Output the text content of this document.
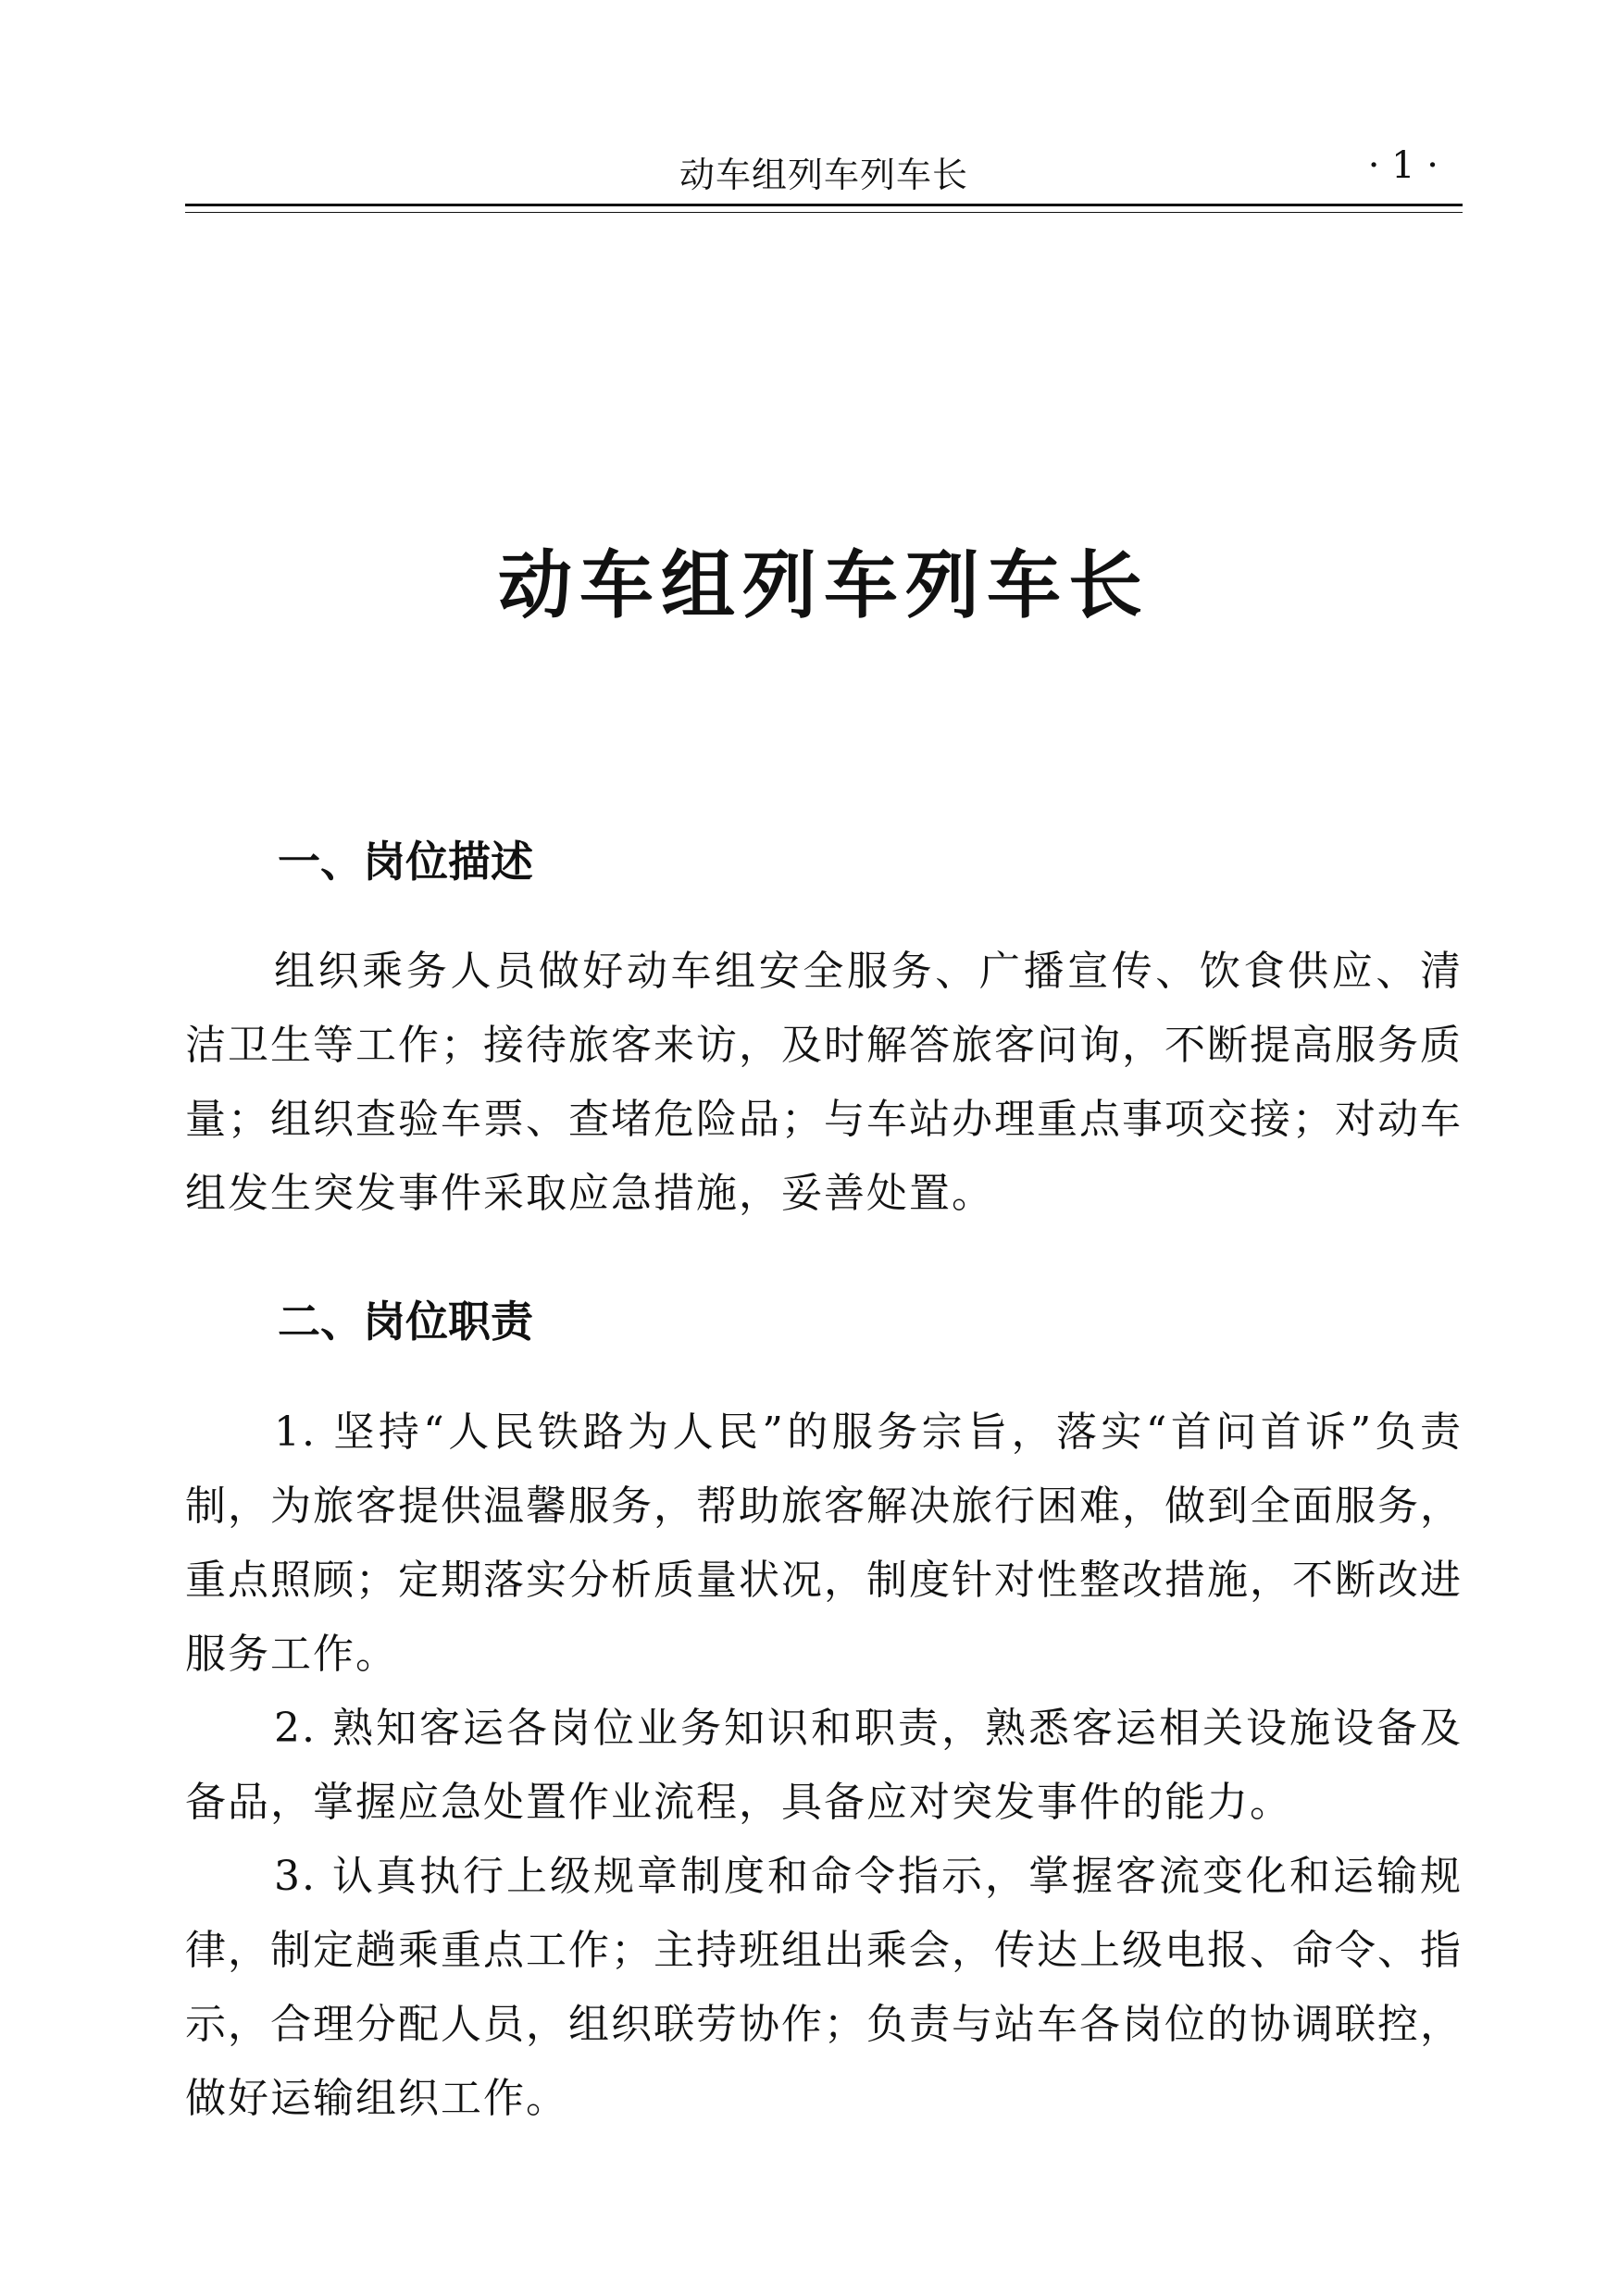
动车组列车列车长	· 1 ·
动车组列车列车长
一、岗位描述

组织乘务人员做好动车组安全服务、广播宣传、饮食供应、清洁卫生等工作；接待旅客来访，及时解答旅客问询，不断提高服务质量；组织查验车票、查堵危险品；与车站办理重点事项交接；对动车组发生突发事件采取应急措施，妥善处置。

二、岗位职责

1. 坚持“人民铁路为人民”的服务宗旨，落实“首问首诉”负责制，为旅客提供温馨服务，帮助旅客解决旅行困难，做到全面服务，重点照顾；定期落实分析质量状况，制度针对性整改措施，不断改进服务工作。

2. 熟知客运各岗位业务知识和职责，熟悉客运相关设施设备及备品，掌握应急处置作业流程，具备应对突发事件的能力。

3. 认真执行上级规章制度和命令指示，掌握客流变化和运输规律，制定趟乘重点工作；主持班组出乘会，传达上级电报、命令、指示，合理分配人员，组织联劳协作；负责与站车各岗位的协调联控，做好运输组织工作。
